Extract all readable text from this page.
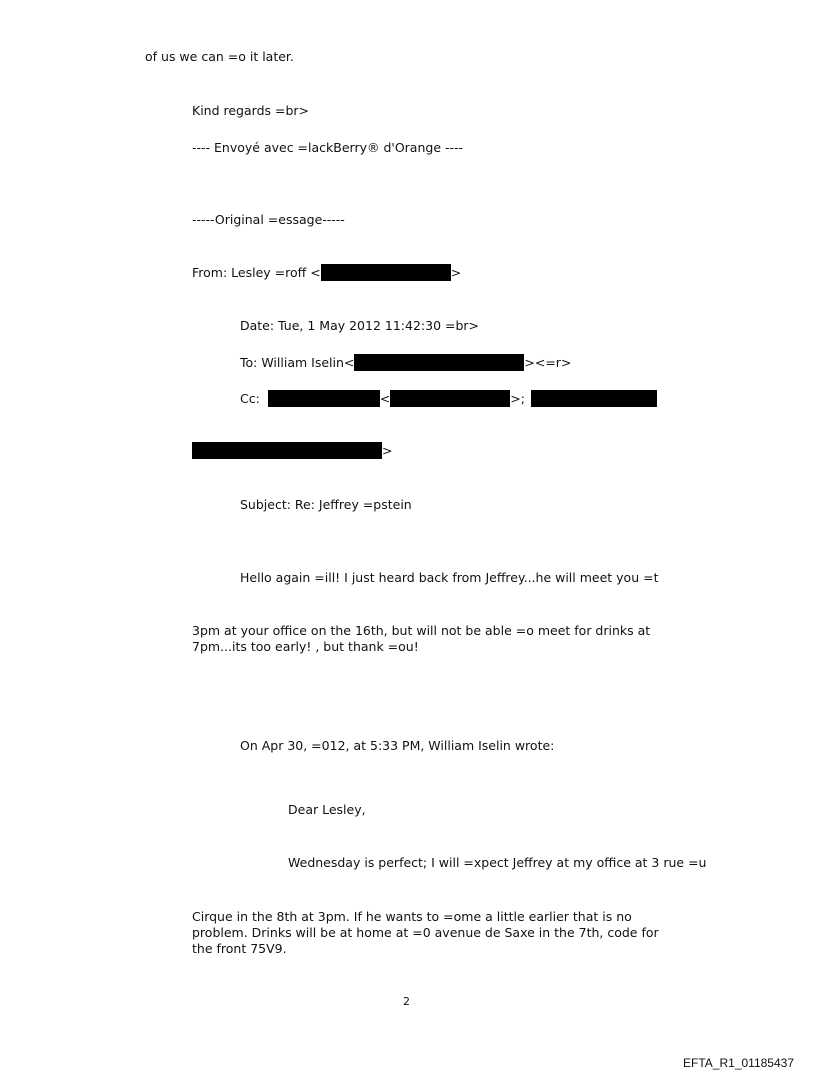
of us we can =o it later.
Kind regards =br>
---- Envoyé avec =lackBerry® d'Orange ----
-----Original =essage-----
From: Lesley =roff <	>
Date: Tue, 1 May 2012 11:42:30 =br>
To: William Iselin<	><=r>
Cc:	<	>;
>
Subject: Re: Jeffrey =pstein
Hello again =ill! I just heard back from Jeffrey...he will meet you =t
3pm at your office on the 16th, but will not be able =o meet for drinks at
7pm...its too early! , but thank =ou!
On Apr 30, =012, at 5:33 PM, William Iselin wrote:
Dear Lesley,
Wednesday is perfect; I will =xpect Jeffrey at my office at 3 rue =u
Cirque in the 8th at 3pm. If he wants to =ome a little earlier that is no
problem. Drinks will be at home at =0 avenue de Saxe in the 7th, code for
the front 75V9.
2
EFTA_R1_01185437
